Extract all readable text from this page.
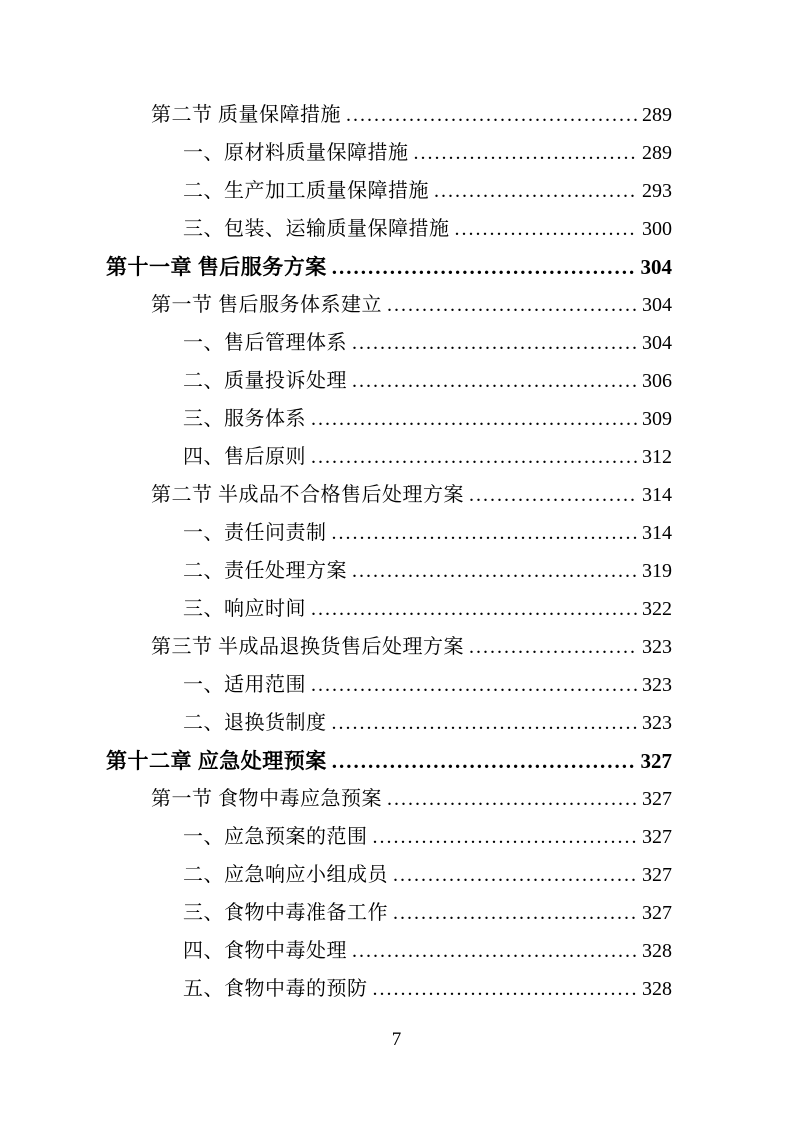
第二节 质量保障措施 .....	289
一、原材料质量保障措施 .....	289
二、生产加工质量保障措施 .....	293
三、包装、运输质量保障措施 .....	300
第十一章 售后服务方案 .....	304
第一节 售后服务体系建立 .....	304
一、售后管理体系 .....	304
二、质量投诉处理 .....	306
三、服务体系 .....	309
四、售后原则 .....	312
第二节 半成品不合格售后处理方案 .....	314
一、责任问责制 .....	314
二、责任处理方案 .....	319
三、响应时间 .....	322
第三节 半成品退换货售后处理方案 .....	323
一、适用范围 .....	323
二、退换货制度 .....	323
第十二章 应急处理预案 .....	327
第一节 食物中毒应急预案 .....	327
一、应急预案的范围 .....	327
二、应急响应小组成员 .....	327
三、食物中毒准备工作 .....	327
四、食物中毒处理 .....	328
五、食物中毒的预防 .....	328
7
